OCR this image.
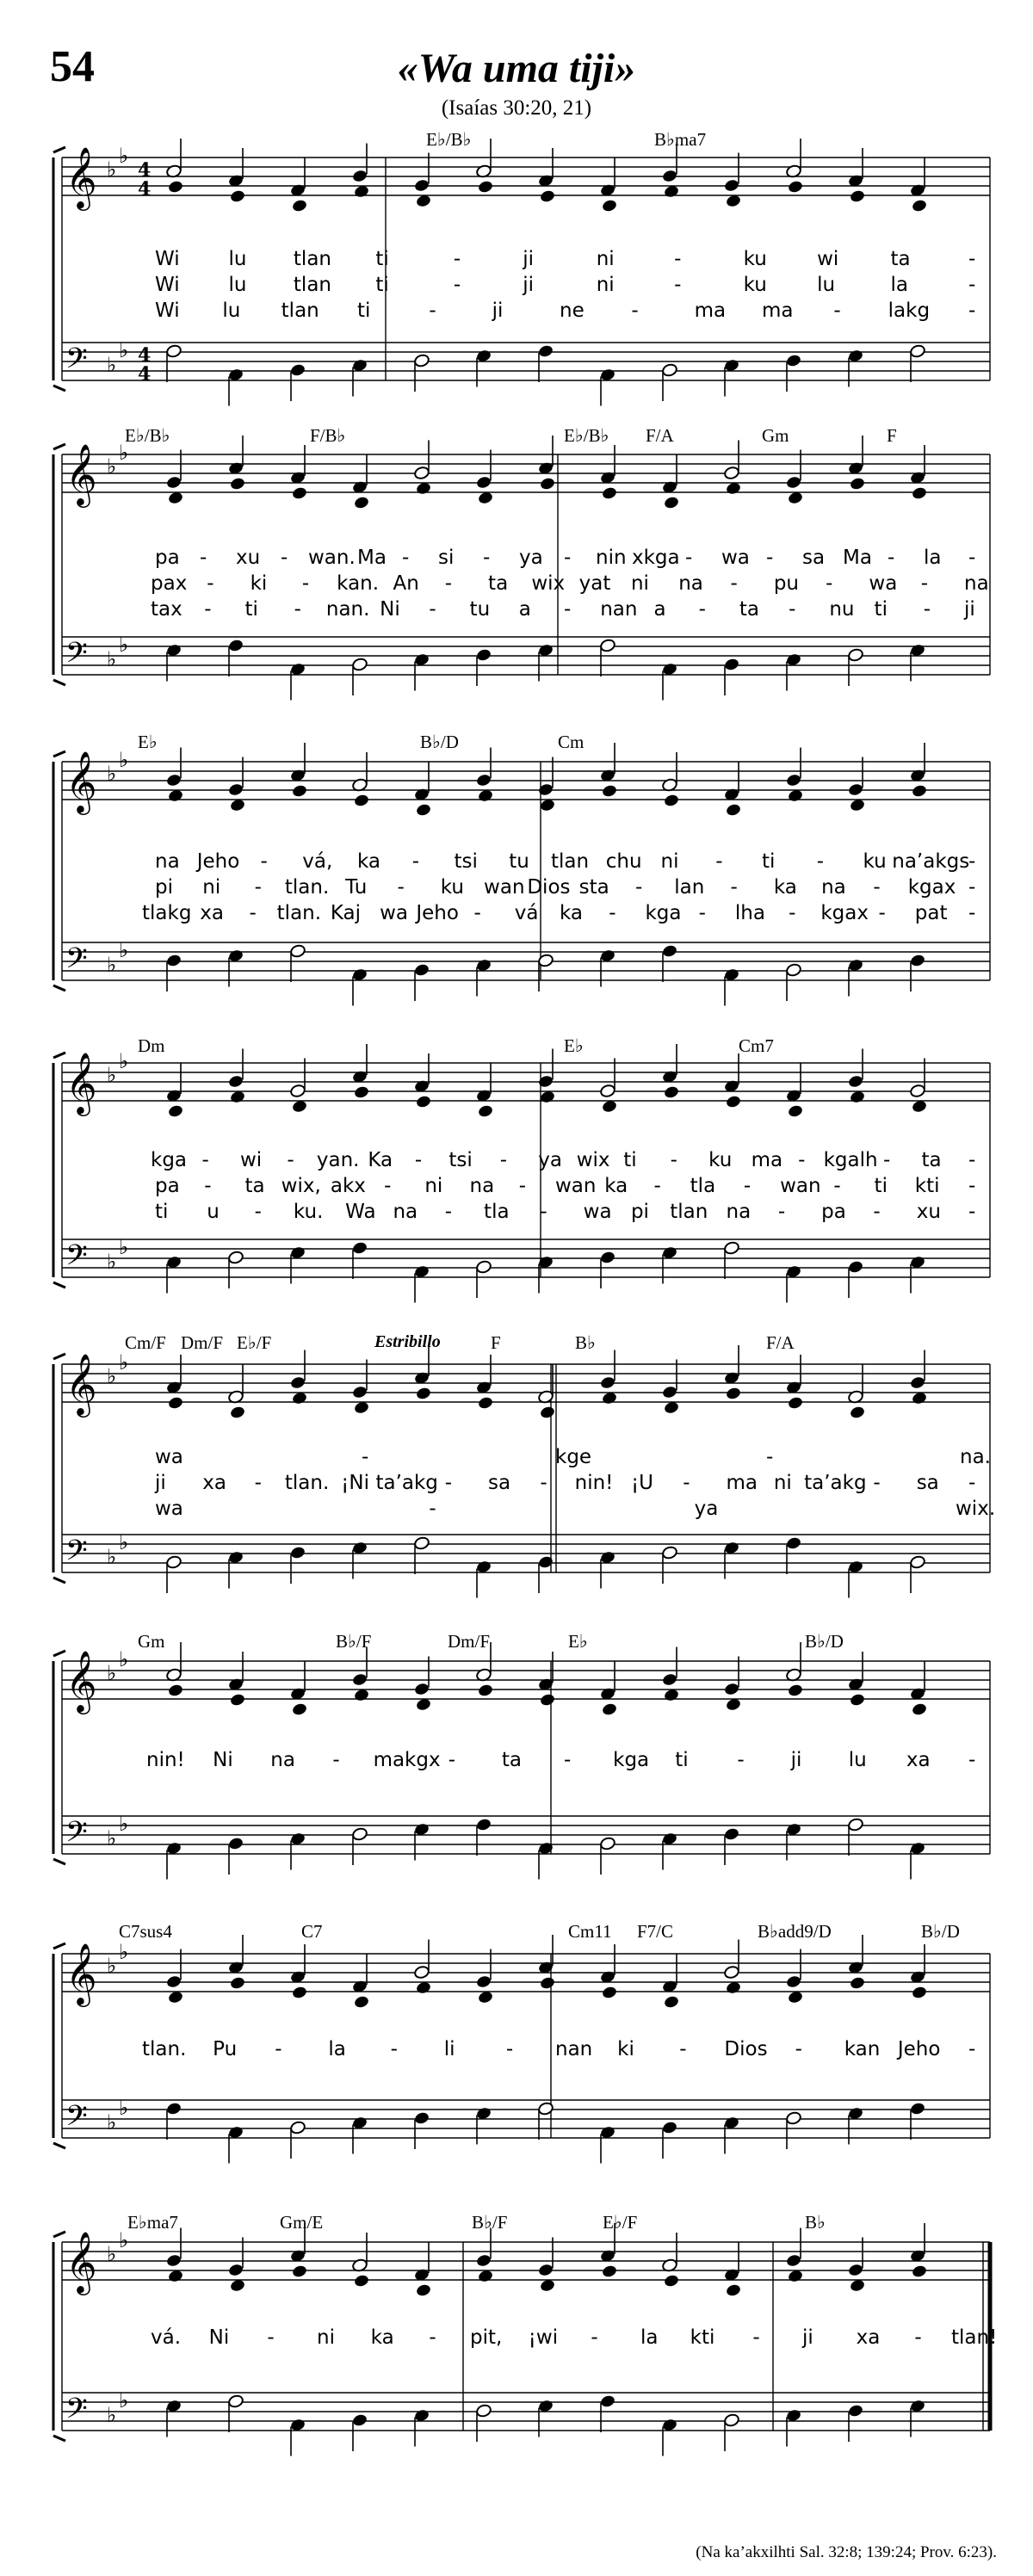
54	«Wa uma tiji»
(Isaías 30:20, 21)
𝄞 ♭
♭
4
4
𝄢 ♭
♭ 4
4
𝄞 ♭
♭
𝄢 ♭
♭
𝄞 ♭
♭
𝄢 ♭
♭
𝄞 ♭
♭
𝄢 ♭
♭
𝄞 ♭
♭
𝄢 ♭
♭
𝄞 ♭
♭
𝄢 ♭
♭
𝄞 ♭
♭
𝄢 ♭
♭
𝄞 ♭
♭
𝄢 ♭
♭
E♭/B♭	B♭ma7
Wi lu tlan ti	-	ji	ni	-	ku	wi	ta	-
Wi lu tlan ti	-	ji	ni	-	ku	lu	la	-
Wi lu tlan ti	-	ji	ne -	ma ma - lakg -
E♭/B♭	F/B♭	E♭/B♭ F/A	Gm	F
pa - xu - wan. Ma - si - ya - nin xkga - wa - sa Ma - la -
pax - ki - kan. An - ta wix yat ni na - pu - wa - na
tax - ti - nan. Ni - tu a - nan a - ta - nu ti - ji
E♭	B♭/D	Cm
na Jeho - vá, ka - tsi tu tlan chu ni - ti - ku na’akgs
-
pi ni - tlan. Tu - ku wan Dios sta - lan - ka na - kgax -
tlakg xa - tlan. Kaj wa Jeho - vá ka - kga - lha - kgax - pat -
Dm	E♭	Cm7
kga - wi - yan. Ka - tsi - ya wix ti - ku ma - kgalh - ta -
pa - ta wix, akx - ni na - wan ka - tla - wan - ti kti -
ti u - ku. Wa na - tla - wa pi tlan na - pa - xu -
Cm/F Dm/F E♭/F	F	B♭	F/A
Estribillo
wa	-	kge	-	na.
ji xa - tlan. ¡Ni ta’akg - sa - nin! ¡U - ma ni ta’akg - sa -
wa	-	ya	wix.
Gm	B♭/F	Dm/F	E♭	B♭/D
nin! Ni na - makgx - ta - kga ti - ji lu xa -
C7sus4	C7	Cm11 F7/C	B♭add9/D	B♭/D
tlan. Pu - la - li	- nan ki - Dios - kan Jeho -
E♭ma7	Gm/E	B♭/F	E♭/F	B♭
vá. Ni - ni ka - pit, ¡wi - la kti - ji xa - tlan!
(Na ka’akxilhti Sal. 32:8; 139:24; Prov. 6:23).
